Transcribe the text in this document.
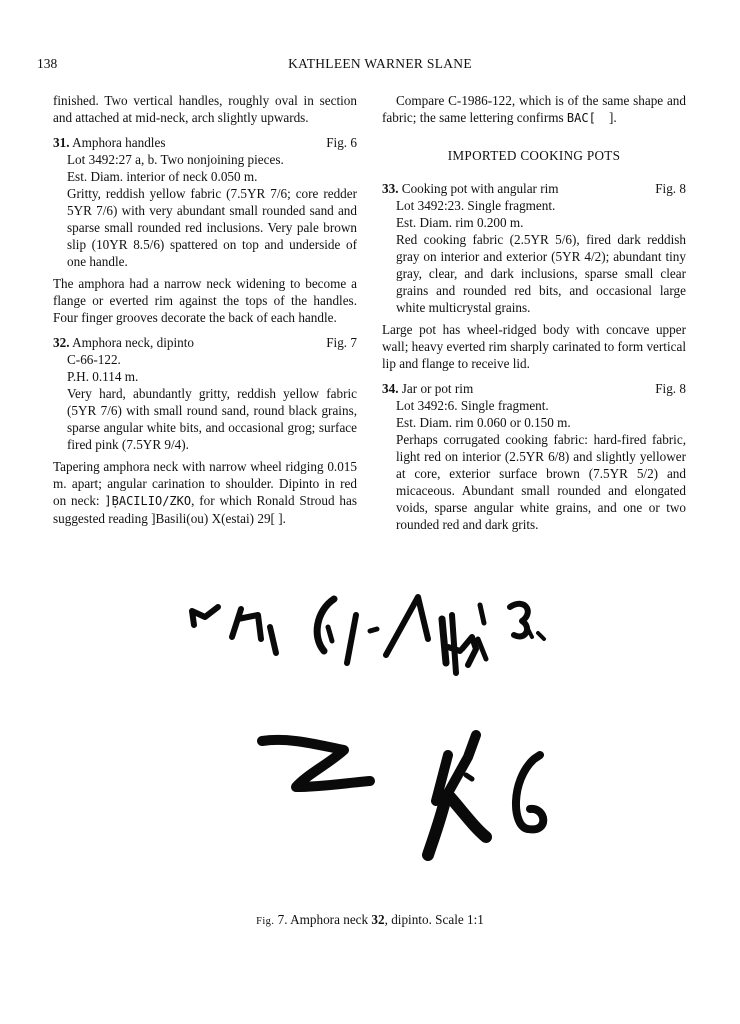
138	KATHLEEN WARNER SLANE

finished. Two vertical handles, roughly oval in section and attached at mid-neck, arch slightly upwards.

31. Amphora handles	Fig. 6

Lot 3492:27 a, b. Two nonjoining pieces.

Est. Diam. interior of neck 0.050 m.

Gritty, reddish yellow fabric (7.5YR 7/6; core redder 5YR 7/6) with very abundant small rounded sand and sparse small rounded red inclusions. Very pale brown slip (10YR 8.5/6) spattered on top and underside of one handle.

The amphora had a narrow neck widening to become a flange or everted rim against the tops of the handles. Four finger grooves decorate the back of each handle.

32. Amphora neck, dipinto	Fig. 7

C-66-122.

P.H. 0.114 m.

Very hard, abundantly gritty, reddish yellow fabric (5YR 7/6) with small round sand, round black grains, sparse angular white bits, and occasional grog; surface fired pink (7.5YR 9/4).

Tapering amphora neck with narrow wheel ridging 0.015 m. apart; angular carination to shoulder. Dipinto in red on neck: ]ḄACILIO/ZKO, for which Ronald Stroud has suggested reading ]Basili(ou) X(estai) 29[ ].

Compare C-1986-122, which is of the same shape and fabric; the same lettering confirms BAC[    ].

IMPORTED COOKING POTS

33. Cooking pot with angular rim	Fig. 8

Lot 3492:23. Single fragment.

Est. Diam. rim 0.200 m.

Red cooking fabric (2.5YR 5/6), fired dark reddish gray on interior and exterior (5YR 4/2); abundant tiny gray, clear, and dark inclusions, sparse small clear grains and rounded red bits, and occasional large white multicrystal grains.

Large pot has wheel-ridged body with concave upper wall; heavy everted rim sharply carinated to form vertical lip and flange to receive lid.

34. Jar or pot rim	Fig. 8

Lot 3492:6. Single fragment.

Est. Diam. rim 0.060 or 0.150 m.

Perhaps corrugated cooking fabric: hard-fired fabric, light red on interior (2.5YR 6/8) and slightly yellower at core, exterior surface brown (7.5YR 5/2) and micaceous. Abundant small rounded and elongated voids, sparse angular white grains, and one or two rounded red and dark grits.

Fig. 7. Amphora neck 32, dipinto. Scale 1:1
